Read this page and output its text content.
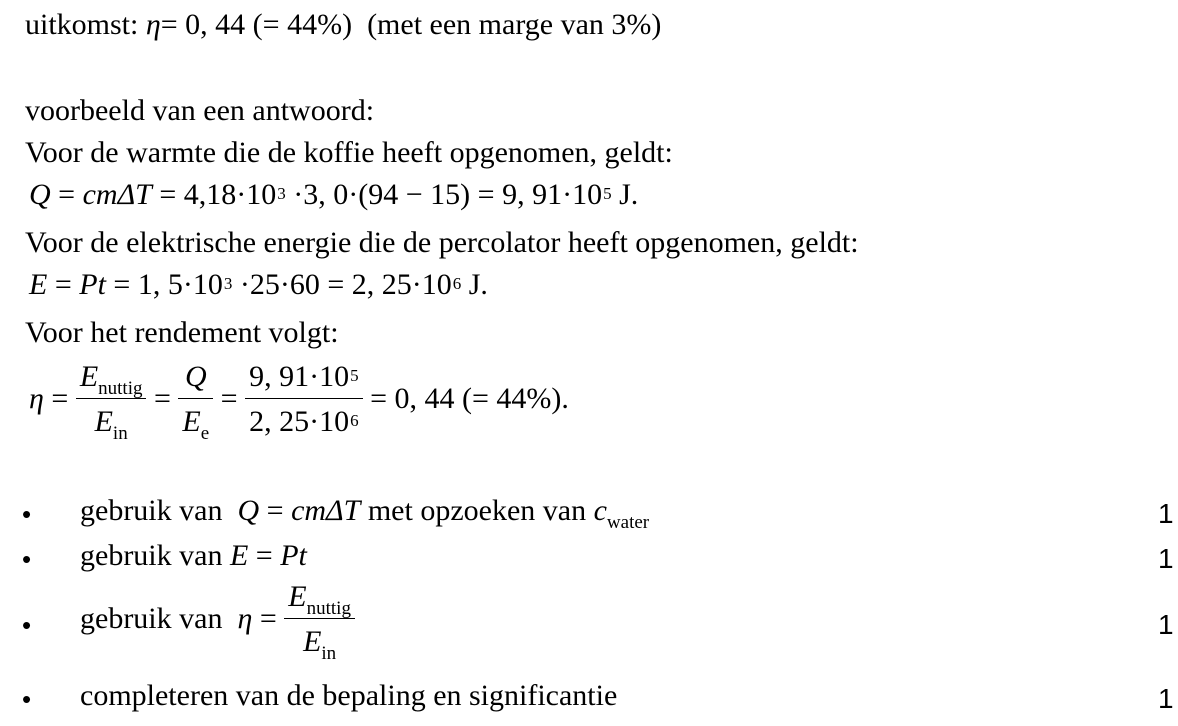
uitkomst: η= 0, 44 (= 44%) (met een marge van 3%)
voorbeeld van een antwoord:
Voor de warmte die de koffie heeft opgenomen, geldt:
$Q = cm\Delta T = 4,18\cdot 10^3 \cdot 3$, 0·(94 − 15) = 9, $91\cdot 10^5$ J.
Voor de elektrische energie die de percolator heeft opgenomen, geldt:
E = Pt = 1, $5\cdot 10^3 \cdot 25\cdot 60 = 2$, $25\cdot 10^6$ J.
Voor het rendement volgt:
$\eta = \frac{E_{nuttig}}{E_{in}} = \frac{Q}{E_e} = \frac{9, 91\cdot 10^5}{2, 25\cdot 10^6} = 0$, 44 (= 44%).
• gebruik van Q = cmΔT met opzoeken van $c_{water}$	1
• gebruik van E = Pt	1
• gebruik van $\eta = \frac{E_{nuttig}}{E_{in}}$	1
• completeren van de bepaling en significantie	1
